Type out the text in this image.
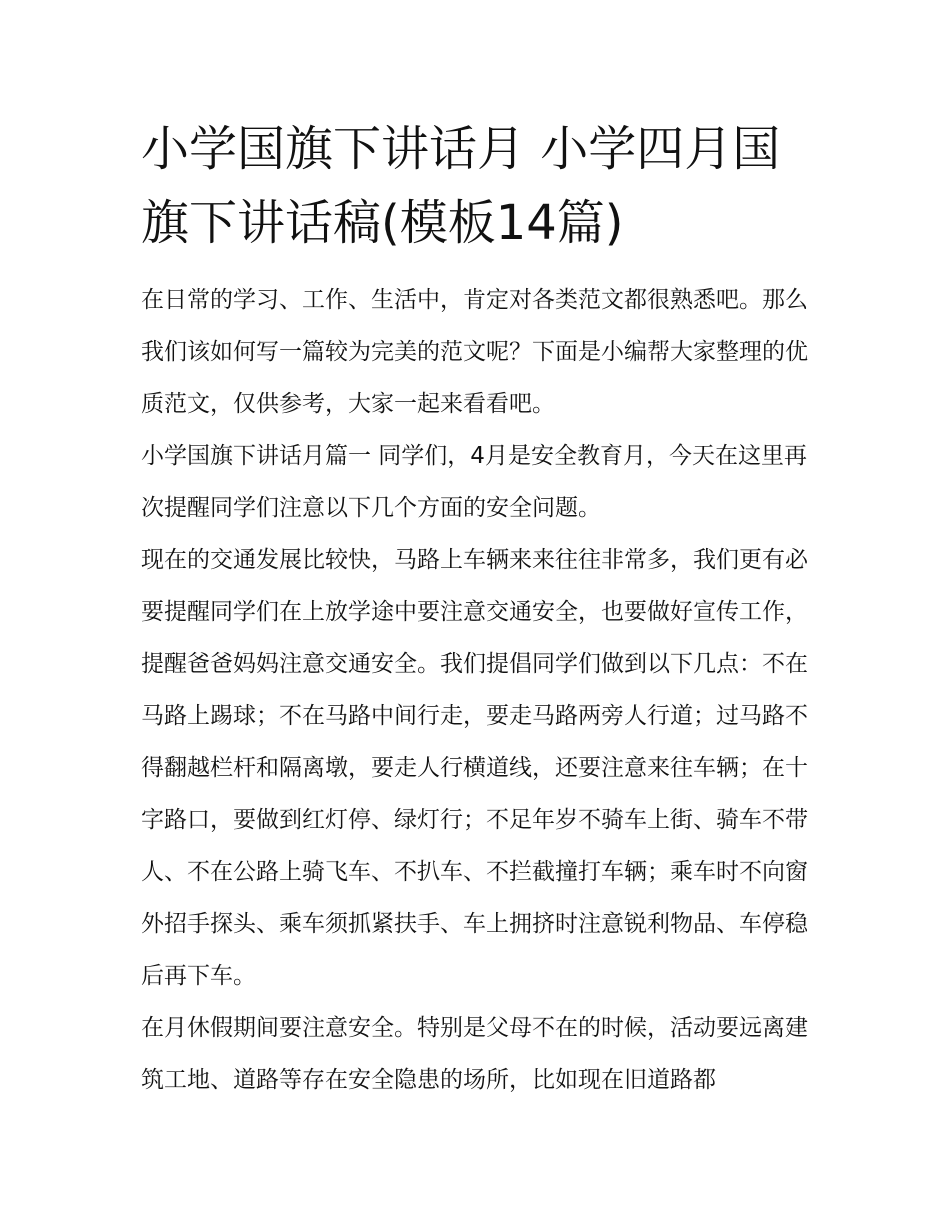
小学国旗下讲话月 小学四月国旗下讲话稿(模板14篇)

在日常的学习、工作、生活中，肯定对各类范文都很熟悉吧。那么我们该如何写一篇较为完美的范文呢？下面是小编帮大家整理的优质范文，仅供参考，大家一起来看看吧。

小学国旗下讲话月篇一 同学们，4月是安全教育月，今天在这里再次提醒同学们注意以下几个方面的安全问题。

现在的交通发展比较快，马路上车辆来来往往非常多，我们更有必要提醒同学们在上放学途中要注意交通安全，也要做好宣传工作，提醒爸爸妈妈注意交通安全。我们提倡同学们做到以下几点：不在马路上踢球；不在马路中间行走，要走马路两旁人行道；过马路不得翻越栏杆和隔离墩，要走人行横道线，还要注意来往车辆；在十字路口，要做到红灯停、绿灯行；不足年岁不骑车上街、骑车不带人、不在公路上骑飞车、不扒车、不拦截撞打车辆；乘车时不向窗外招手探头、乘车须抓紧扶手、车上拥挤时注意锐利物品、车停稳后再下车。

在月休假期间要注意安全。特别是父母不在的时候，活动要远离建筑工地、道路等存在安全隐患的场所，比如现在旧道路都
